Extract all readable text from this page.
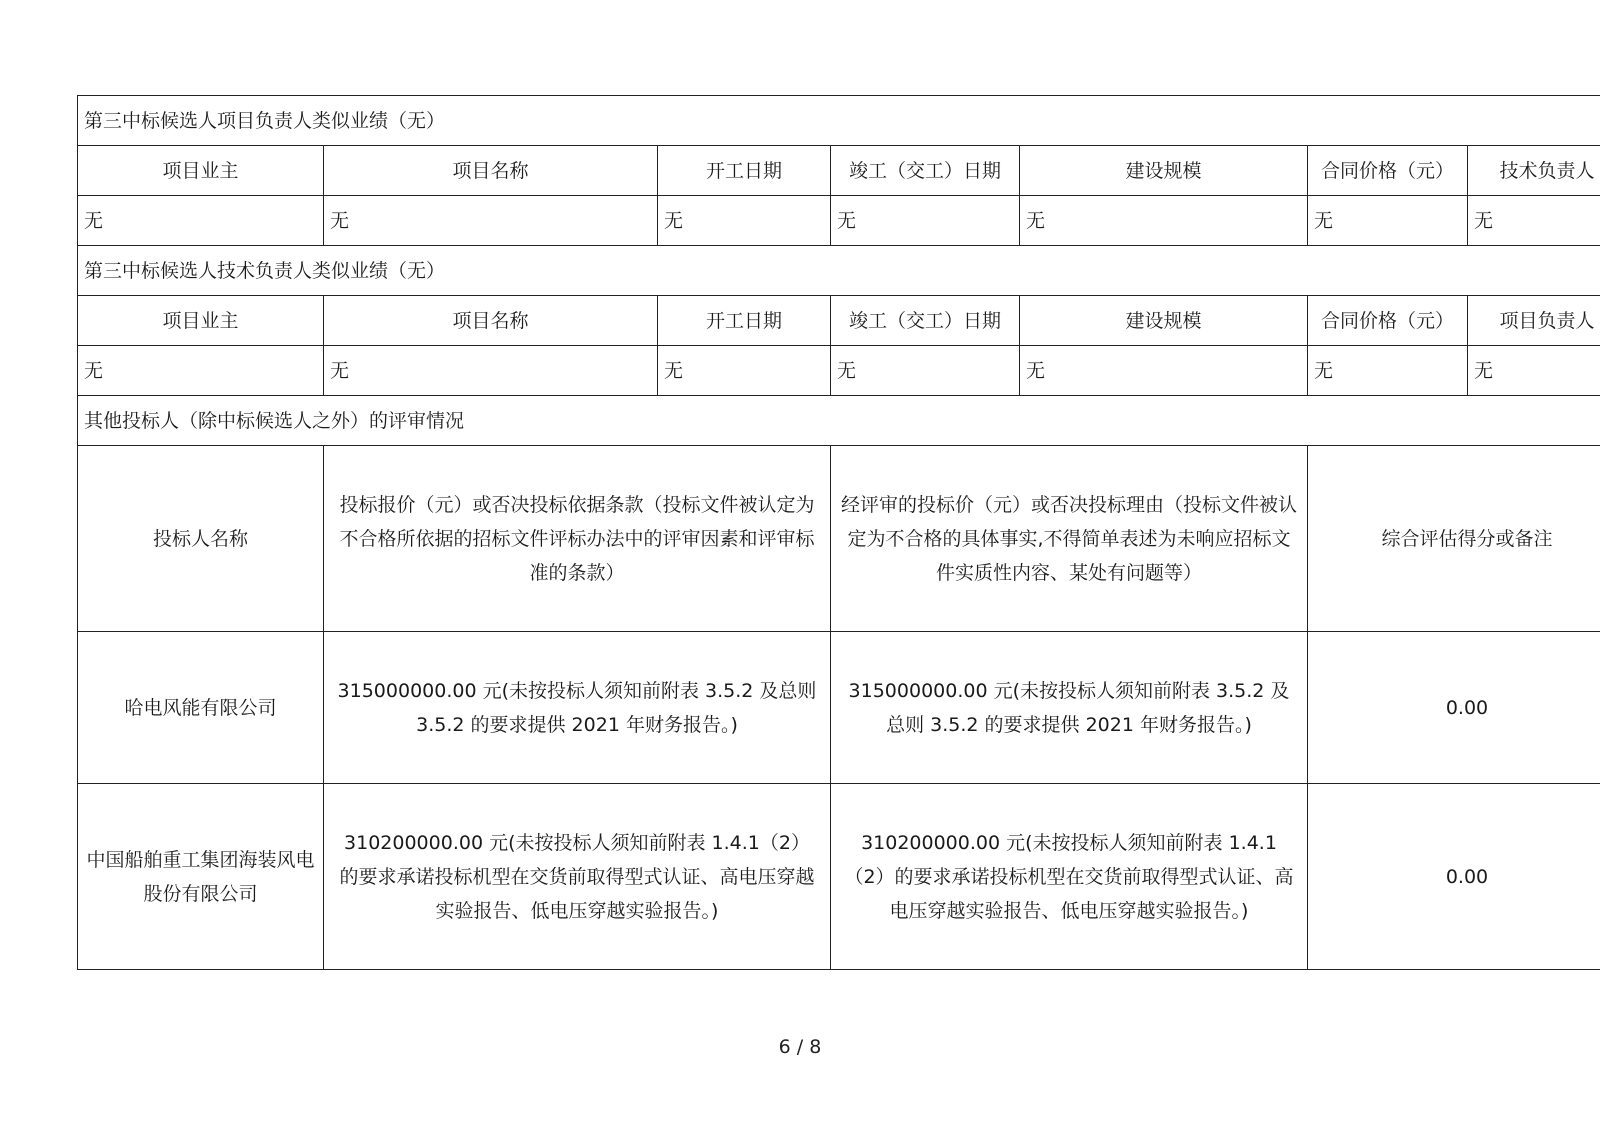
第三中标候选人项目负责人类似业绩（无）						
项目业主	项目名称	开工日期	竣工（交工）日期	建设规模	合同价格（元）	技术负责人
无	无	无	无	无	无	无
第三中标候选人技术负责人类似业绩（无）						
项目业主	项目名称	开工日期	竣工（交工）日期	建设规模	合同价格（元）	项目负责人
无	无	无	无	无	无	无
其他投标人（除中标候选人之外）的评审情况						
投标人名称	投标报价（元）或否决投标依据条款（投标文件被认定为不合格所依据的招标文件评标办法中的评审因素和评审标准的条款）		经评审的投标价（元）或否决投标理由（投标文件被认定为不合格的具体事实,不得简单表述为未响应招标文件实质性内容、某处有问题等）		综合评估得分或备注	
哈电风能有限公司	315000000.00 元(未按投标人须知前附表 3.5.2 及总则 3.5.2 的要求提供 2021 年财务报告。)		315000000.00 元(未按投标人须知前附表 3.5.2 及总则 3.5.2 的要求提供 2021 年财务报告。)		0.00	
中国船舶重工集团海装风电股份有限公司	310200000.00 元(未按投标人须知前附表 1.4.1（2）的要求承诺投标机型在交货前取得型式认证、高电压穿越实验报告、低电压穿越实验报告。)		310200000.00 元(未按投标人须知前附表 1.4.1（2）的要求承诺投标机型在交货前取得型式认证、高电压穿越实验报告、低电压穿越实验报告。)		0.00	
6 / 8
